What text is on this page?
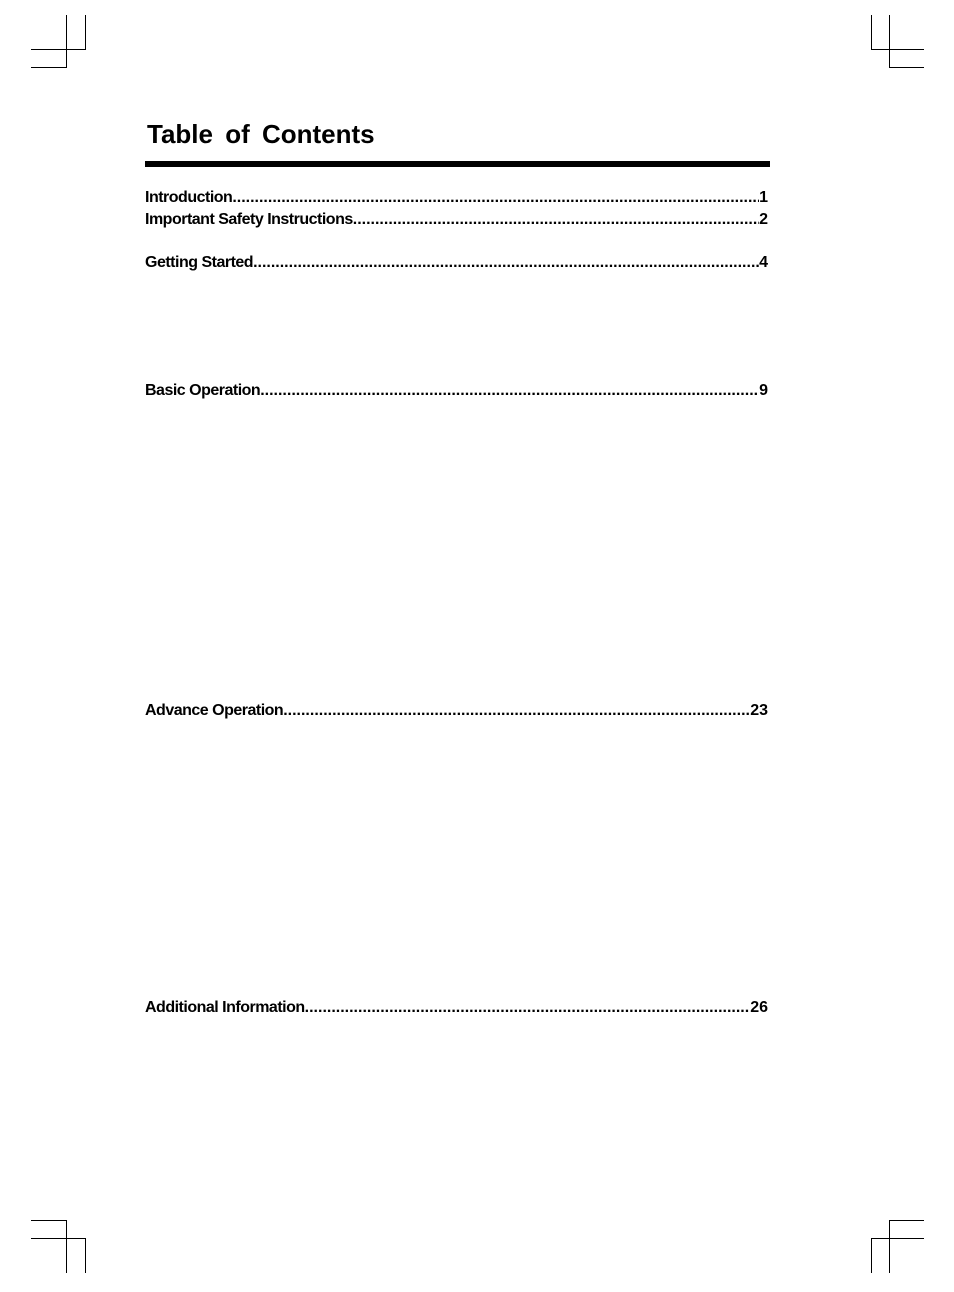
Table of Contents
Introduction .....	1
Important Safety Instructions .....	2
Getting Started .....	4
Basic Operation .....	9
Advance Operation .....	23
Additional Information .....	26
